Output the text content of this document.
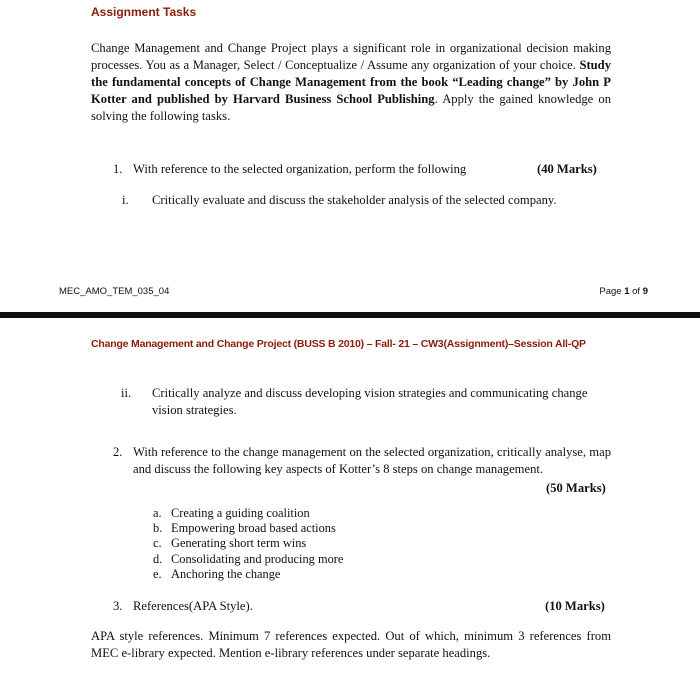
Assignment Tasks

Change Management and Change Project plays a significant role in organizational decision making processes. You as a Manager, Select / Conceptualize / Assume any organization of your choice. Study the fundamental concepts of Change Management from the book “Leading change” by John P Kotter and published by Harvard Business School Publishing. Apply the gained knowledge on solving the following tasks.

1. With reference to the selected organization, perform the following	(40 Marks)
i. Critically evaluate and discuss the stakeholder analysis of the selected company.
MEC_AMO_TEM_035_04	Page 1 of 9
Change Management and Change Project (BUSS B 2010) – Fall- 21 – CW3(Assignment)–Session All-QP
ii. Critically analyze and discuss developing vision strategies and communicating change vision strategies.
2. With reference to the change management on the selected organization, critically analyse, map and discuss the following key aspects of Kotter’s 8 steps on change management.
(50 Marks)
a. Creating a guiding coalition
b. Empowering broad based actions
c. Generating short term wins
d. Consolidating and producing more
e. Anchoring the change
3. References(APA Style).	(10 Marks)

APA style references. Minimum 7 references expected. Out of which, minimum 3 references from MEC e-library expected. Mention e-library references under separate headings.
